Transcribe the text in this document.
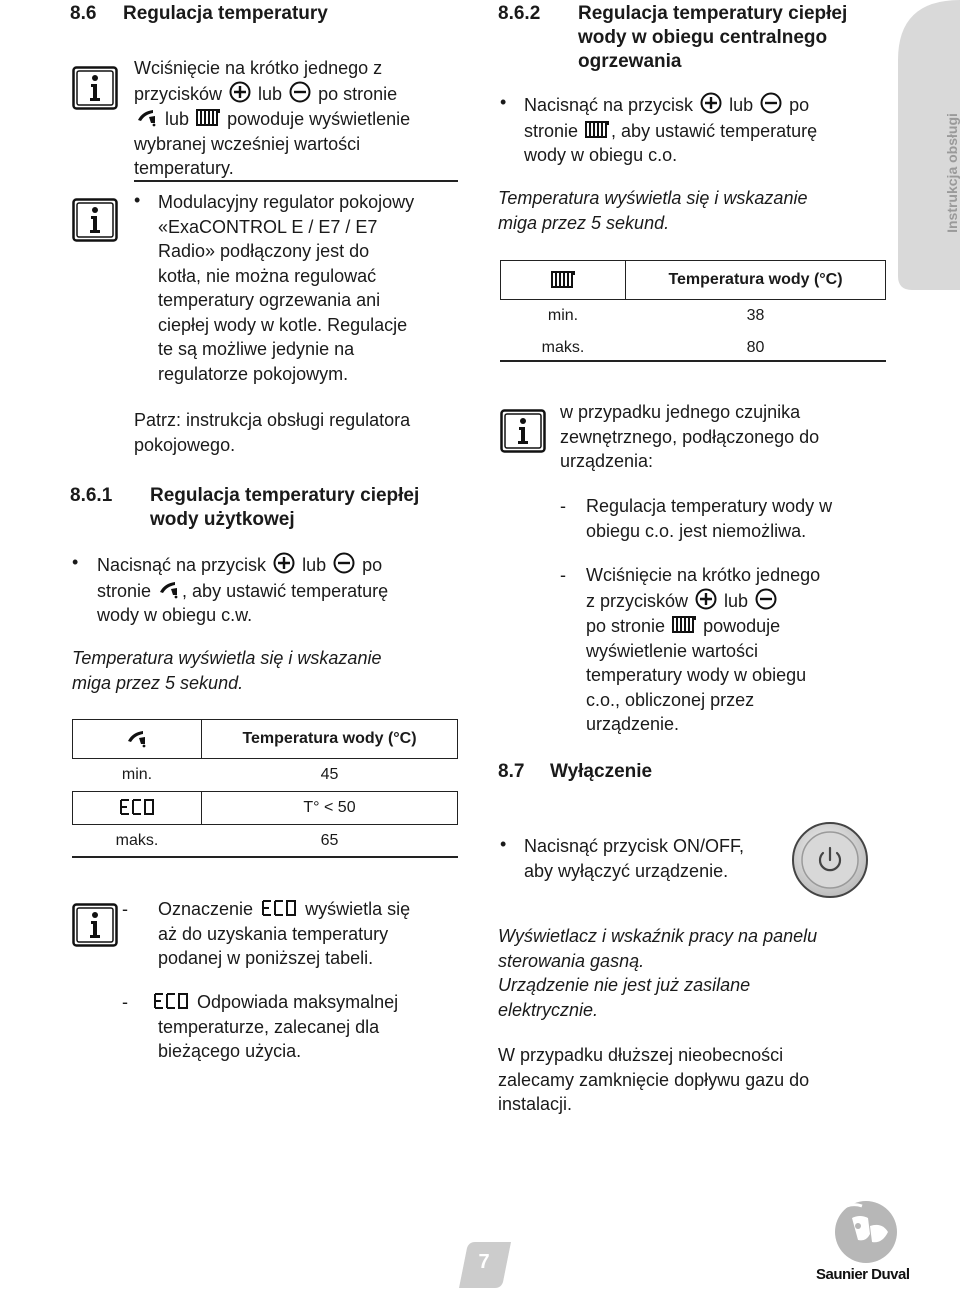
Instrukcja obsługi
8.6 Regulacja temperatury
Wciśnięcie na krótko jednego z
przycisków lub po stronie
lub powoduje wyświetlenie
wybranej wcześniej wartości
temperatury.
• Modulacyjny regulator pokojowy
«ExaCONTROL E / E7 / E7
Radio» podłączony jest do
kotła, nie można regulować
temperatury ogrzewania ani
ciepłej wody w kotle. Regulacje
te są możliwe jedynie na
regulatorze pokojowym.
Patrz: instrukcja obsługi regulatora
pokojowego.
8.6.1 Regulacja temperatury ciepłej
wody użytkowej
• Nacisnąć na przycisk lub po
stronie , aby ustawić temperaturę
wody w obiegu c.w.
Temperatura wyświetla się i wskazanie
miga przez 5 sekund.
	Temperatura wody (°C)
min.	45

	T° < 50
maks.	65
- Oznaczenie	wyświetla się
aż do uzyskania temperatury
podanej w poniższej tabeli.
-	Odpowiada maksymalnej
temperaturze, zalecanej dla
bieżącego użycia.
8.6.2 Regulacja temperatury ciepłej
wody w obiegu centralnego
ogrzewania
• Nacisnąć na przycisk lub po
stronie , aby ustawić temperaturę
wody w obiegu c.o.
Temperatura wyświetla się i wskazanie
miga przez 5 sekund.
	Temperatura wody (°C)
min.	38
maks.	80
w przypadku jednego czujnika
zewnętrznego, podłączonego do
urządzenia:
- Regulacja temperatury wody w
obiegu c.o. jest niemożliwa.
- Wciśnięcie na krótko jednego
z przycisków lub
po stronie powoduje
wyświetlenie wartości
temperatury wody w obiegu
c.o., obliczonej przez
urządzenie.
8.7 Wyłączenie
• Nacisnąć przycisk ON/OFF,
aby wyłączyć urządzenie.
Wyświetlacz i wskaźnik pracy na panelu
sterowania gasną.
Urządzenie nie jest już zasilane
elektrycznie.
W przypadku dłuższej nieobecności
zalecamy zamknięcie dopływu gazu do
instalacji.
7
Saunier Duval
